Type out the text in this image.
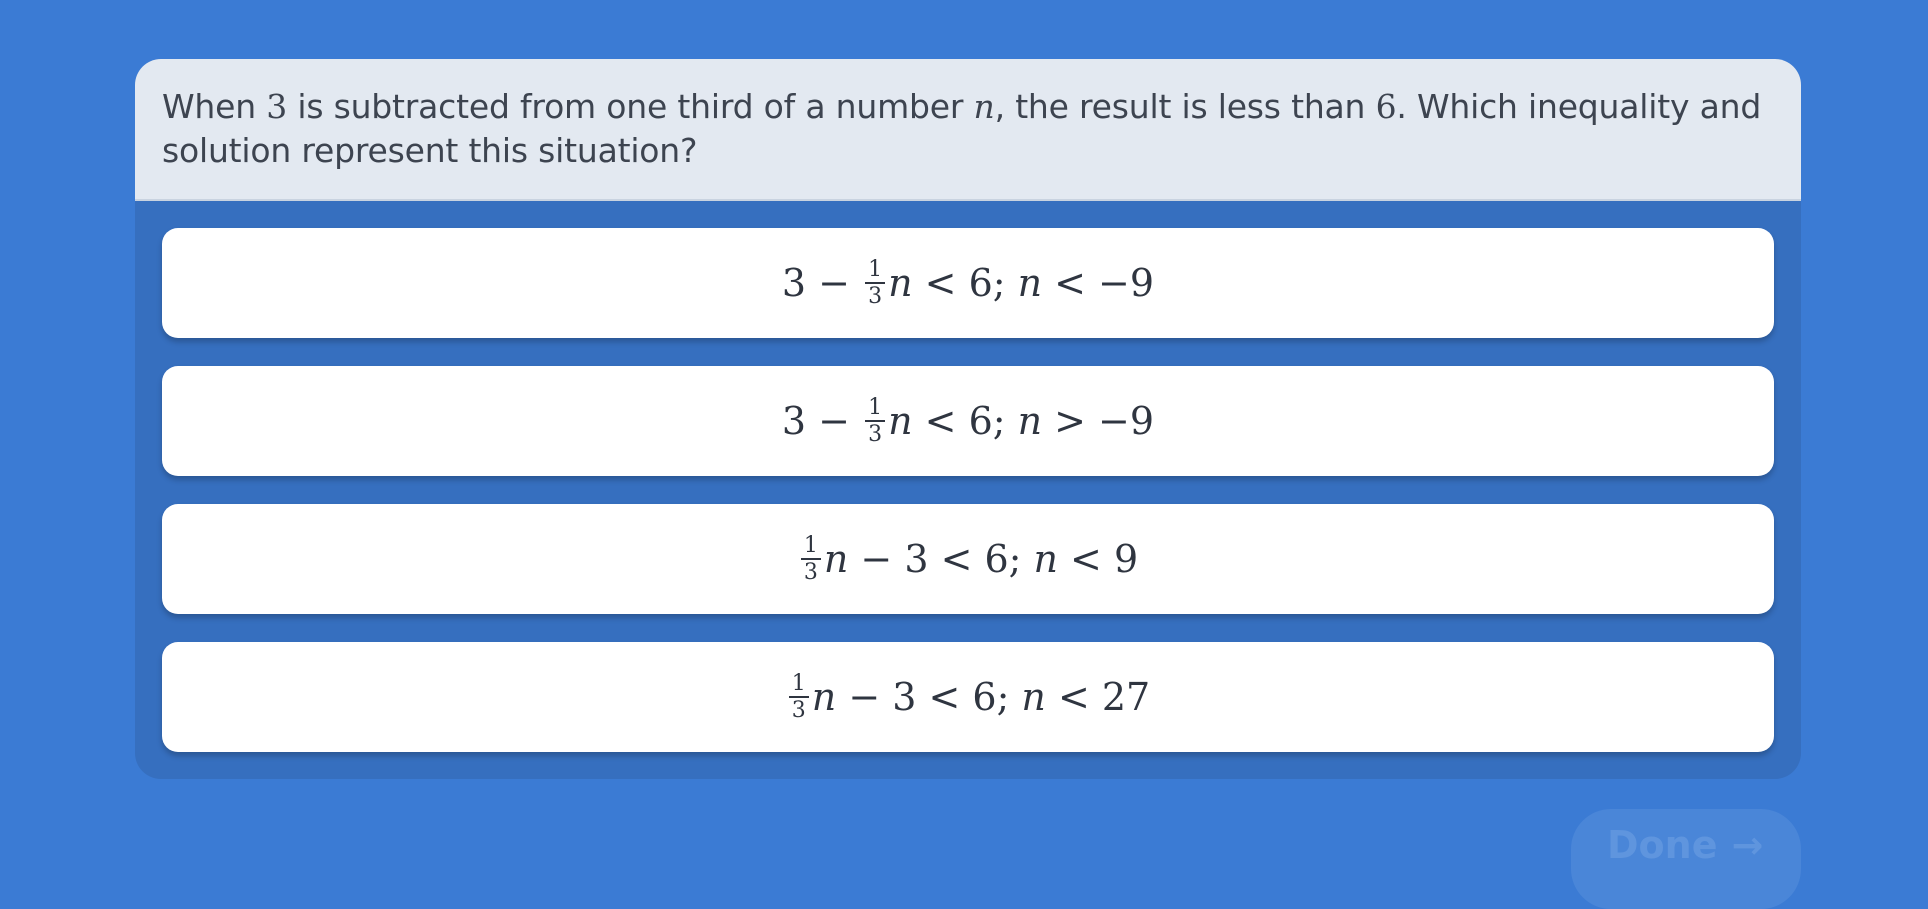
When 3 is subtracted from one third of a number n, the result is less than 6. Which inequality and solution represent this situation?

$3 - \frac{1}{3}$ n < 6; n < −9
$3 - \frac{1}{3}$ n < 6; n > −9
$\frac{1}{3}$ n − 3 < 6; n < 9
$\frac{1}{3}$ n − 3 < 6; n < 27
Done →
